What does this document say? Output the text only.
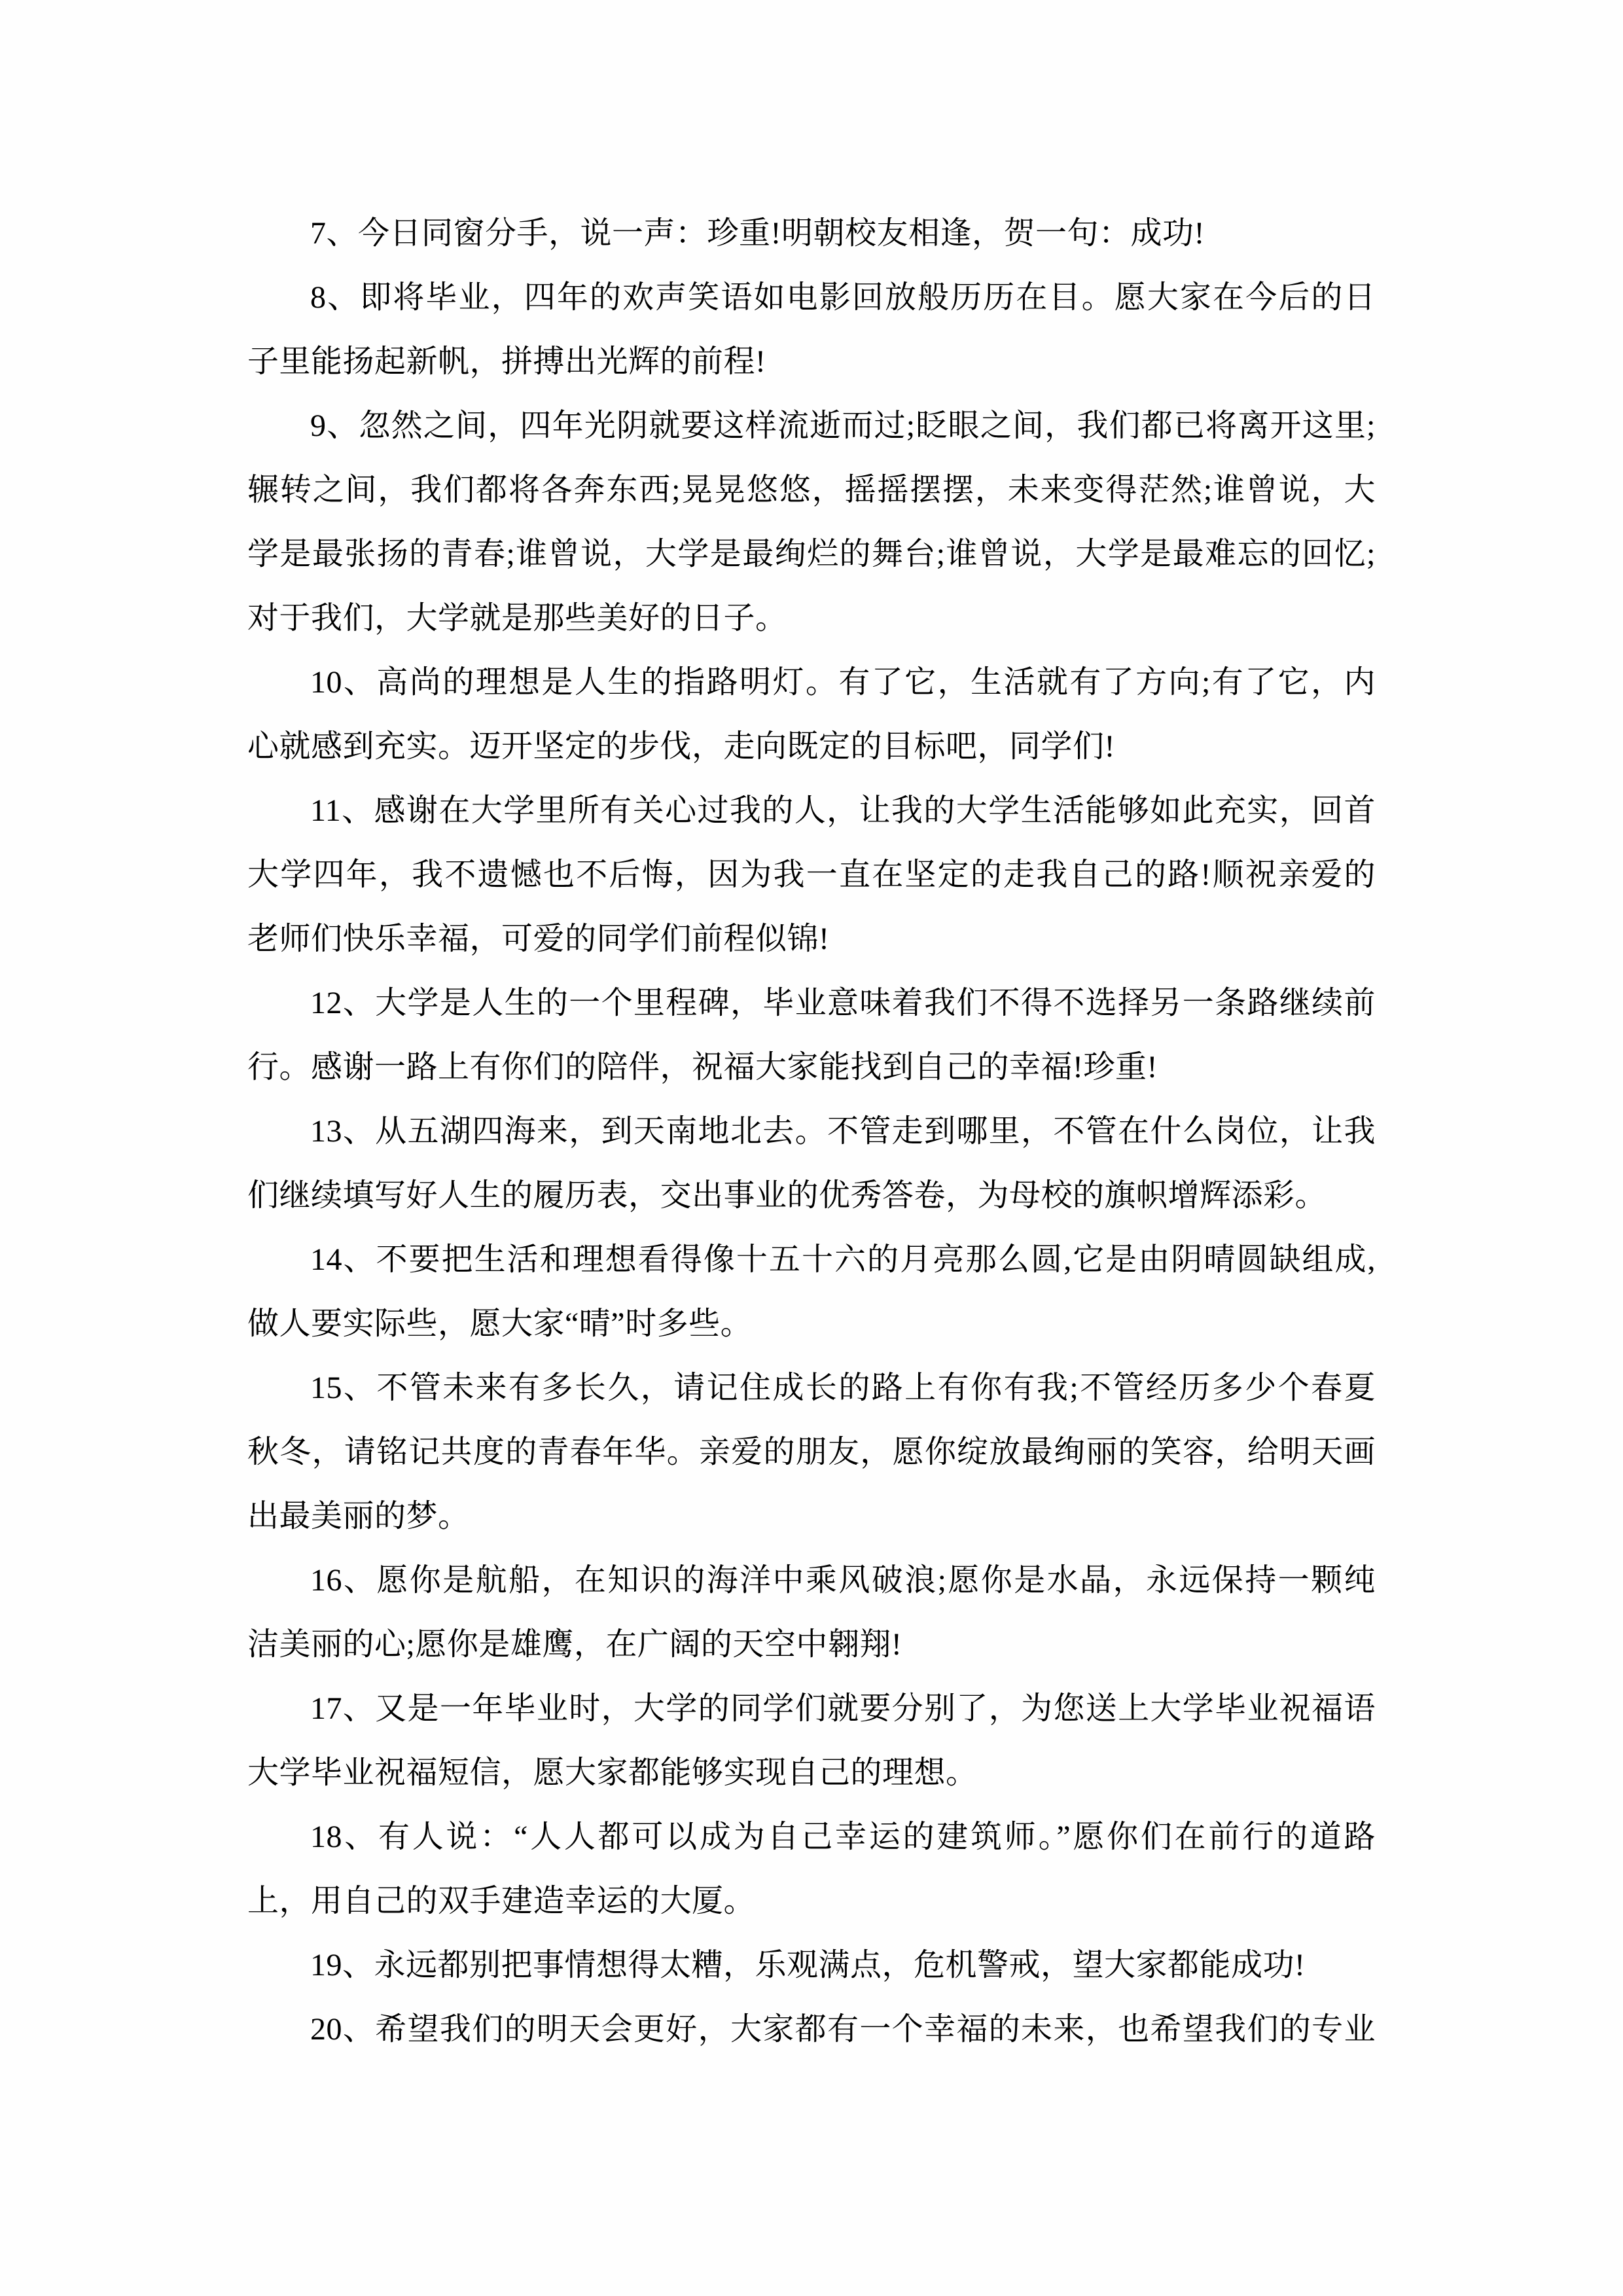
7、今日同窗分手，说一声：珍重!明朝校友相逢，贺一句：成功!
8、即将毕业，四年的欢声笑语如电影回放般历历在目。愿大家在今后的日
子里能扬起新帆，拼搏出光辉的前程!
9、忽然之间，四年光阴就要这样流逝而过;眨眼之间，我们都已将离开这里;
辗转之间，我们都将各奔东西;晃晃悠悠，摇摇摆摆，未来变得茫然;谁曾说，大
学是最张扬的青春;谁曾说，大学是最绚烂的舞台;谁曾说，大学是最难忘的回忆;
对于我们，大学就是那些美好的日子。
10、高尚的理想是人生的指路明灯。有了它，生活就有了方向;有了它，内
心就感到充实。迈开坚定的步伐，走向既定的目标吧，同学们!
11、感谢在大学里所有关心过我的人，让我的大学生活能够如此充实，回首
大学四年，我不遗憾也不后悔，因为我一直在坚定的走我自己的路!顺祝亲爱的
老师们快乐幸福，可爱的同学们前程似锦!
12、大学是人生的一个里程碑，毕业意味着我们不得不选择另一条路继续前
行。感谢一路上有你们的陪伴，祝福大家能找到自己的幸福!珍重!
13、从五湖四海来，到天南地北去。不管走到哪里，不管在什么岗位，让我
们继续填写好人生的履历表，交出事业的优秀答卷，为母校的旗帜增辉添彩。
14、不要把生活和理想看得像十五十六的月亮那么圆,它是由阴晴圆缺组成,
做人要实际些，愿大家“晴”时多些。
15、不管未来有多长久，请记住成长的路上有你有我;不管经历多少个春夏
秋冬，请铭记共度的青春年华。亲爱的朋友，愿你绽放最绚丽的笑容，给明天画
出最美丽的梦。
16、愿你是航船，在知识的海洋中乘风破浪;愿你是水晶，永远保持一颗纯
洁美丽的心;愿你是雄鹰，在广阔的天空中翱翔!
17、又是一年毕业时，大学的同学们就要分别了，为您送上大学毕业祝福语
大学毕业祝福短信，愿大家都能够实现自己的理想。
18、有人说：“人人都可以成为自己幸运的建筑师。”愿你们在前行的道路
上，用自己的双手建造幸运的大厦。
19、永远都别把事情想得太糟，乐观满点，危机警戒，望大家都能成功!
20、希望我们的明天会更好，大家都有一个幸福的未来，也希望我们的专业
